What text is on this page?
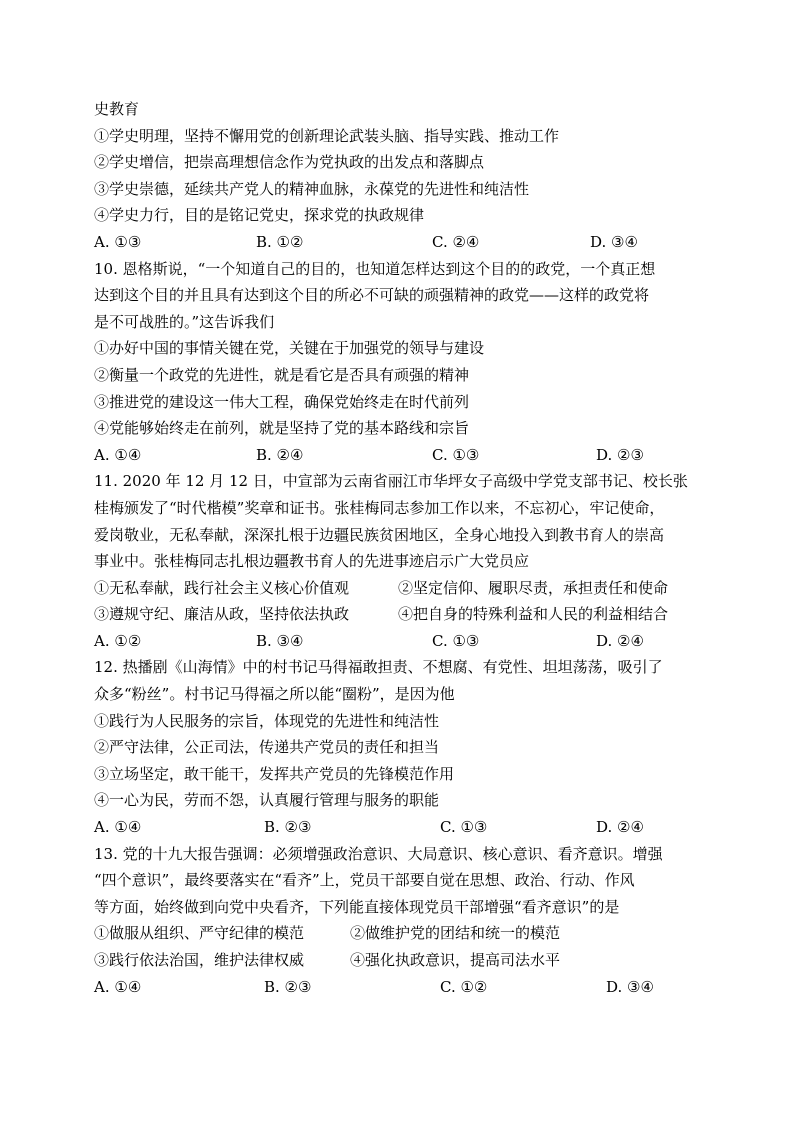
史教育
①学史明理，坚持不懈用党的创新理论武装头脑、指导实践、推动工作
②学史增信，把崇高理想信念作为党执政的出发点和落脚点
③学史崇德，延续共产党人的精神血脉，永葆党的先进性和纯洁性
④学史力行，目的是铭记党史，探求党的执政规律
A. ①③	B. ①②	C. ②④	D. ③④
10. 恩格斯说，“一个知道自己的目的，也知道怎样达到这个目的的政党，一个真正想
达到这个目的并且具有达到这个目的所必不可缺的顽强精神的政党——这样的政党将
是不可战胜的。”这告诉我们
①办好中国的事情关键在党，关键在于加强党的领导与建设
②衡量一个政党的先进性，就是看它是否具有顽强的精神
③推进党的建设这一伟大工程，确保党始终走在时代前列
④党能够始终走在前列，就是坚持了党的基本路线和宗旨
A. ①④	B. ②④	C. ①③	D. ②③
11. 2020 年 12 月 12 日，中宣部为云南省丽江市华坪女子高级中学党支部书记、校长张
桂梅颁发了“时代楷模”奖章和证书。张桂梅同志参加工作以来，不忘初心，牢记使命，
爱岗敬业，无私奉献，深深扎根于边疆民族贫困地区，全身心地投入到教书育人的崇高
事业中。张桂梅同志扎根边疆教书育人的先进事迹启示广大党员应
①无私奉献，践行社会主义核心价值观	②坚定信仰、履职尽责，承担责任和使命
③遵规守纪、廉洁从政，坚持依法执政	④把自身的特殊利益和人民的利益相结合
A. ①②	B. ③④	C. ①③	D. ②④
12. 热播剧《山海情》中的村书记马得福敢担责、不想腐、有党性、坦坦荡荡，吸引了
众多“粉丝”。村书记马得福之所以能“圈粉”，是因为他
①践行为人民服务的宗旨，体现党的先进性和纯洁性
②严守法律，公正司法，传递共产党员的责任和担当
③立场坚定，敢干能干，发挥共产党员的先锋模范作用
④一心为民，劳而不怨，认真履行管理与服务的职能
A. ①④	B. ②③	C. ①③	D. ②④
13. 党的十九大报告强调：必须增强政治意识、大局意识、核心意识、看齐意识。增强
“四个意识”，最终要落实在“看齐”上，党员干部要自觉在思想、政治、行动、作风
等方面，始终做到向党中央看齐，下列能直接体现党员干部增强“看齐意识”的是
①做服从组织、严守纪律的模范	②做维护党的团结和统一的模范
③践行依法治国，维护法律权威	④强化执政意识，提高司法水平
A. ①④	B. ②③	C. ①②	D. ③④
